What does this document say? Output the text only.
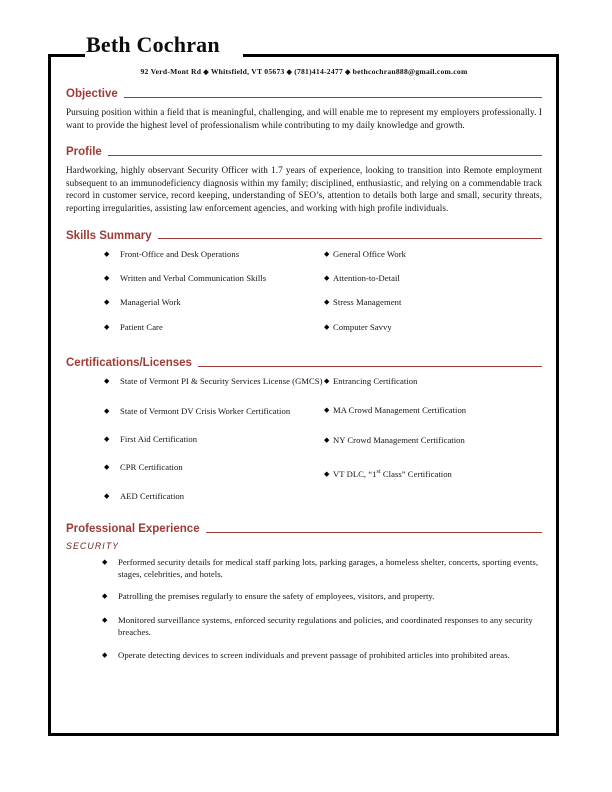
Beth Cochran
92 Verd-Mont Rd ◆ Whitsfield, VT 05673 ◆ (781)414-2477 ◆ bethcochran888@gmail.com.com
Objective

Pursuing position within a field that is meaningful, challenging, and will enable me to represent my employers professionally. I want to provide the highest level of professionalism while contributing to my daily knowledge and growth.

Profile

Hardworking, highly observant Security Officer with 1.7 years of experience, looking to transition into Remote employment subsequent to an immunodeficiency diagnosis within my family; disciplined, enthusiastic, and relying on a commendable track record in customer service, record keeping, understanding of SEO’s, attention to details both large and small, security threats, reporting irregularities, assisting law enforcement agencies, and working with high profile individuals.

Skills Summary
◆	Front-Office and Desk Operations
◆	Written and Verbal Communication Skills
◆	Managerial Work
◆	Patient Care
◆ General Office Work
◆ Attention-to-Detail
◆ Stress Management
◆ Computer Savvy
Certifications/Licenses
◆	State of Vermont PI & Security Services License (GMCS)
◆	State of Vermont DV Crisis Worker Certification
◆	First Aid Certification
◆	CPR Certification
◆	AED Certification
◆ Entrancing Certification
◆ MA Crowd Management Certification
◆ NY Crowd Management Certification
◆ VT DLC, “1st Class” Certification
Professional Experience
SECURITY
◆	Performed security details for medical staff parking lots, parking garages, a homeless shelter, concerts, sporting events, stages, celebrities, and hotels.
◆	Patrolling the premises regularly to ensure the safety of employees, visitors, and property.
◆	Monitored surveillance systems, enforced security regulations and policies, and coordinated responses to any security breaches.
◆	Operate detecting devices to screen individuals and prevent passage of prohibited articles into prohibited areas.
